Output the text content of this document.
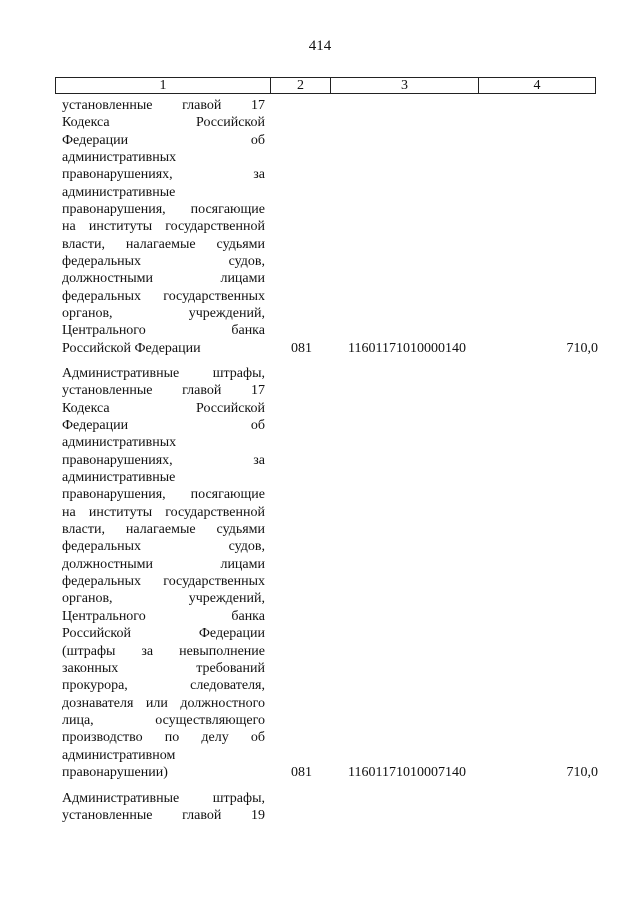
414
1	2	3	4
установленные главой 17
Кодекса Российской
Федерации об
административных
правонарушениях, за
административные
правонарушения, посягающие
на институты государственной
власти, налагаемые судьями
федеральных судов,
должностными лицами
федеральных государственных
органов, учреждений,
Центрального банка
Российской Федерации	081	11601171010000140	710,0
Административные штрафы,
установленные главой 17
Кодекса Российской
Федерации об
административных
правонарушениях, за
административные
правонарушения, посягающие
на институты государственной
власти, налагаемые судьями
федеральных судов,
должностными лицами
федеральных государственных
органов, учреждений,
Центрального банка
Российской Федерации
(штрафы за невыполнение
законных требований
прокурора, следователя,
дознавателя или должностного
лица, осуществляющего
производство по делу об
административном
правонарушении)	081	11601171010007140	710,0
Административные штрафы,
установленные главой 19
